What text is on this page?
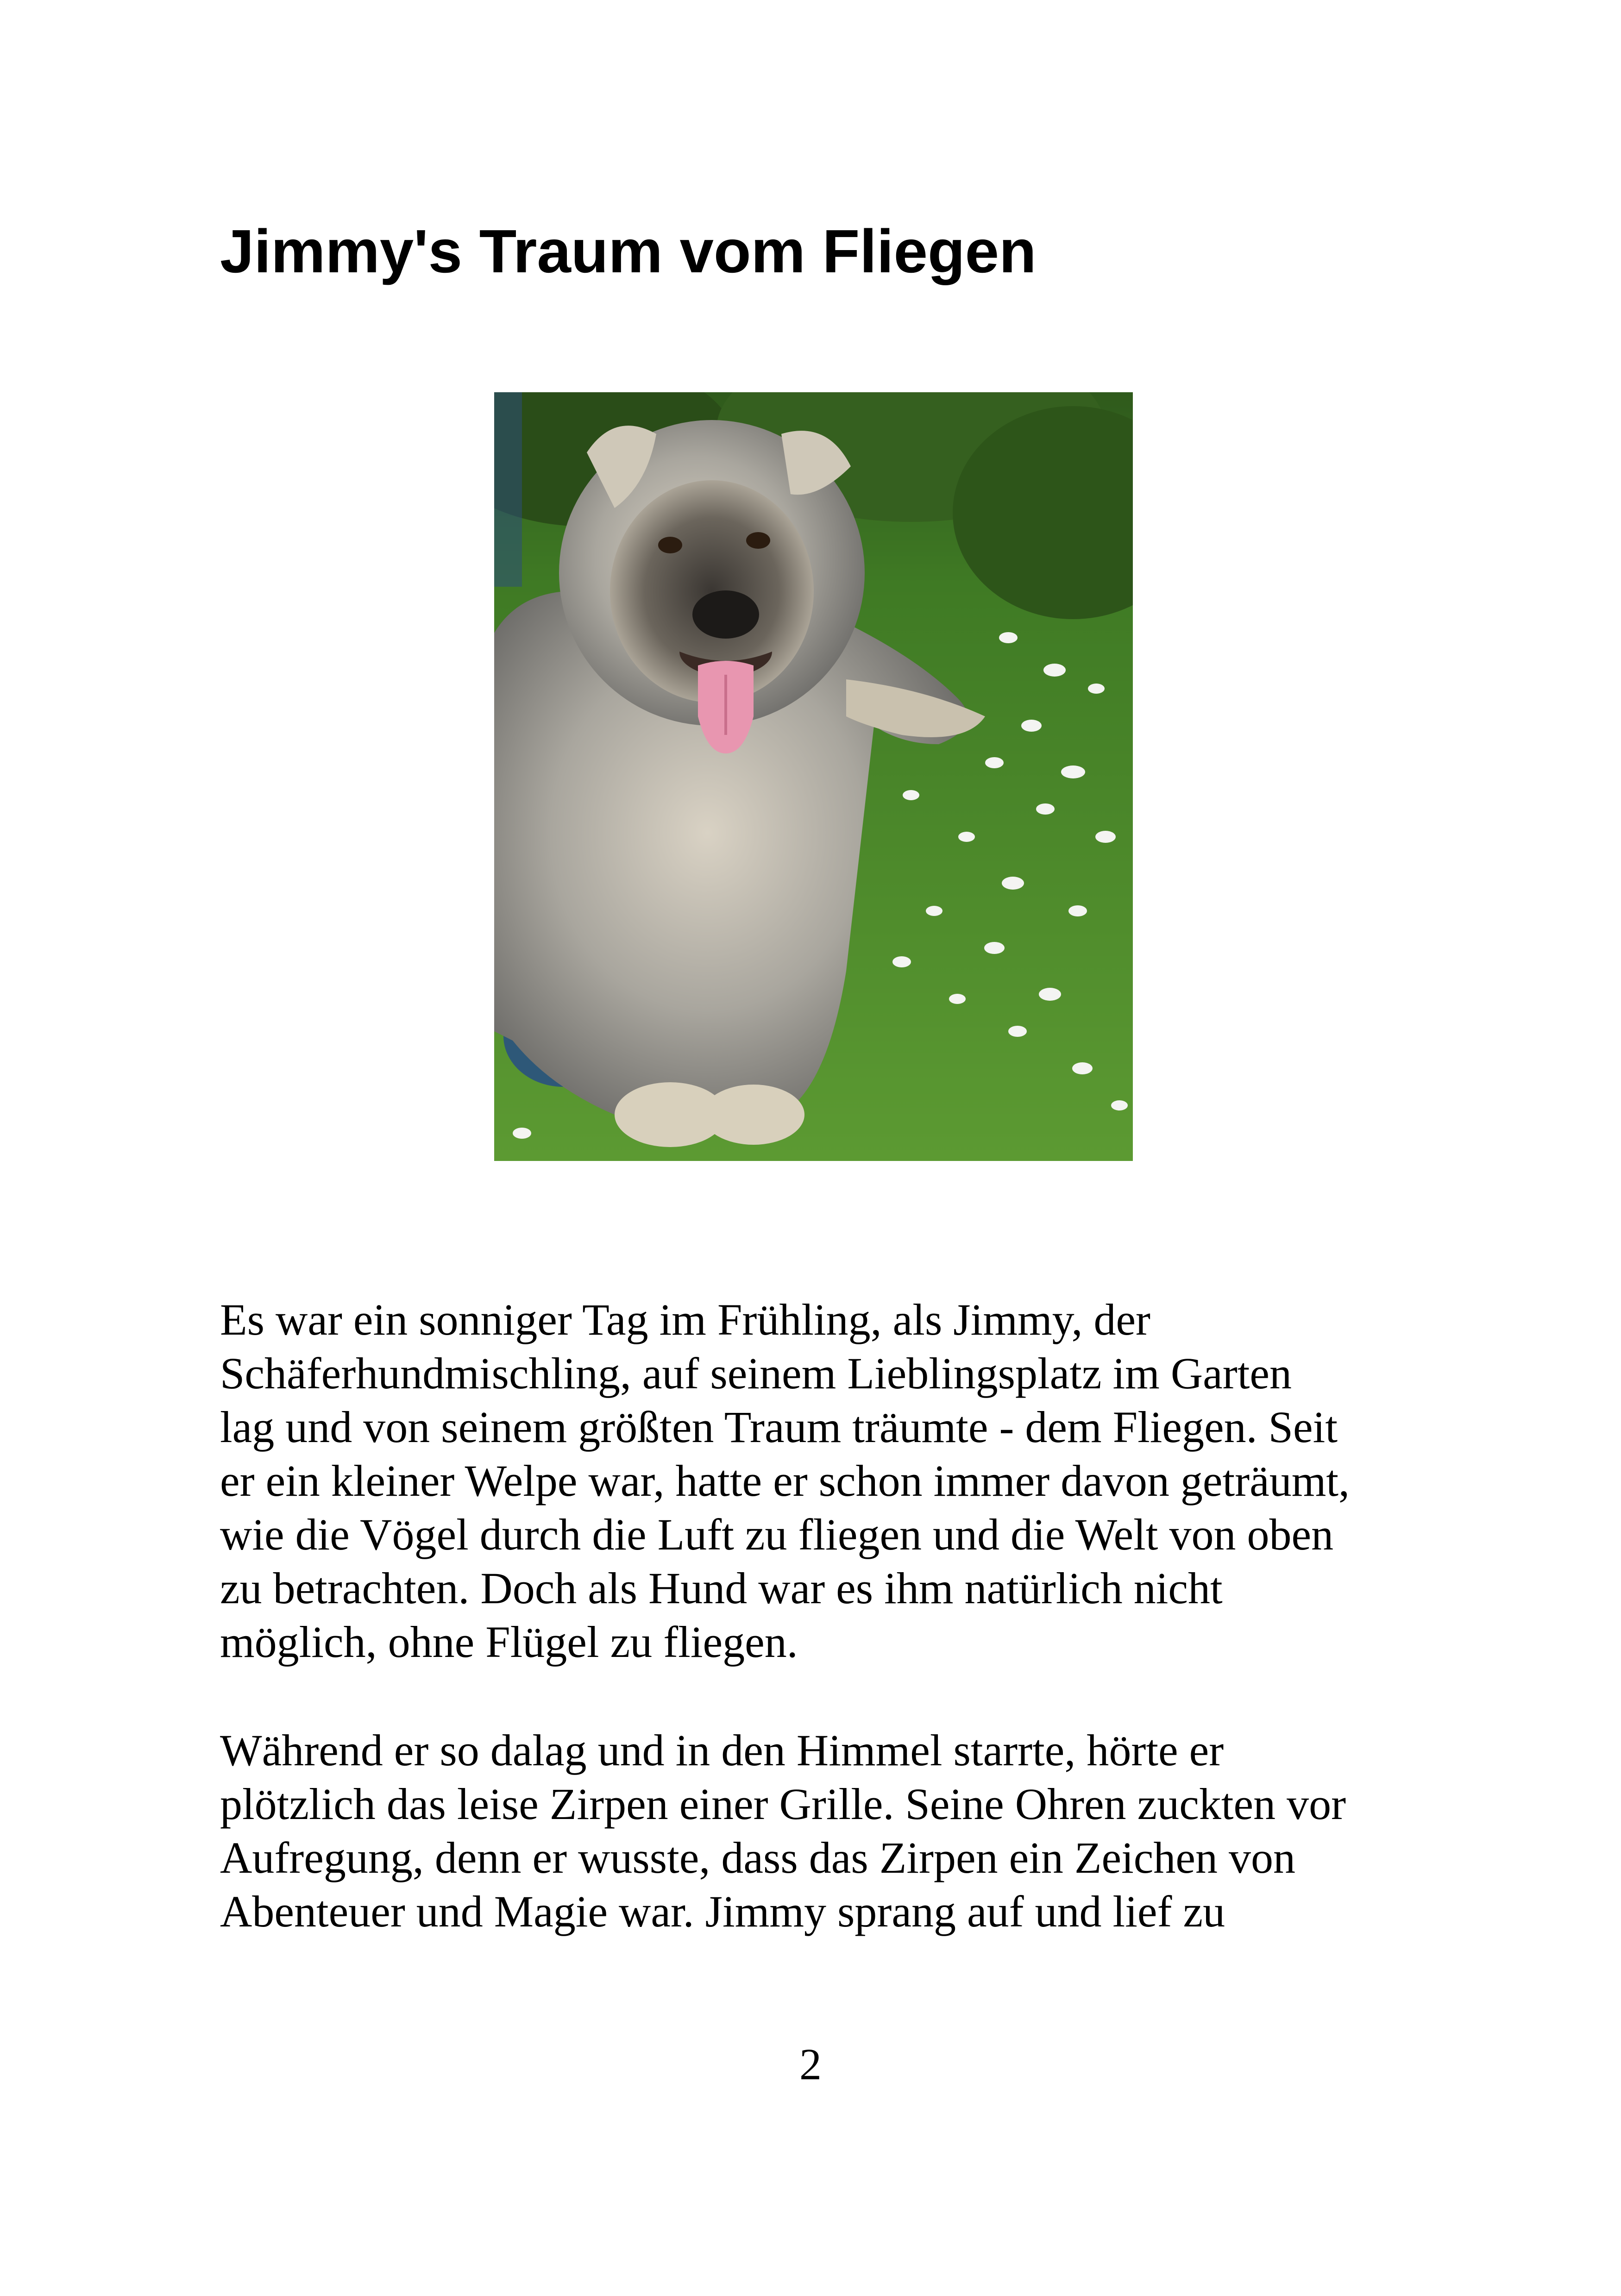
Jimmy's Traum vom Fliegen
Es war ein sonniger Tag im Frühling, als Jimmy, der
Schäferhundmischling, auf seinem Lieblingsplatz im Garten
lag und von seinem größten Traum träumte - dem Fliegen. Seit
er ein kleiner Welpe war, hatte er schon immer davon geträumt,
wie die Vögel durch die Luft zu fliegen und die Welt von oben
zu betrachten. Doch als Hund war es ihm natürlich nicht
möglich, ohne Flügel zu fliegen.
Während er so dalag und in den Himmel starrte, hörte er
plötzlich das leise Zirpen einer Grille. Seine Ohren zuckten vor
Aufregung, denn er wusste, dass das Zirpen ein Zeichen von
Abenteuer und Magie war. Jimmy sprang auf und lief zu
2
